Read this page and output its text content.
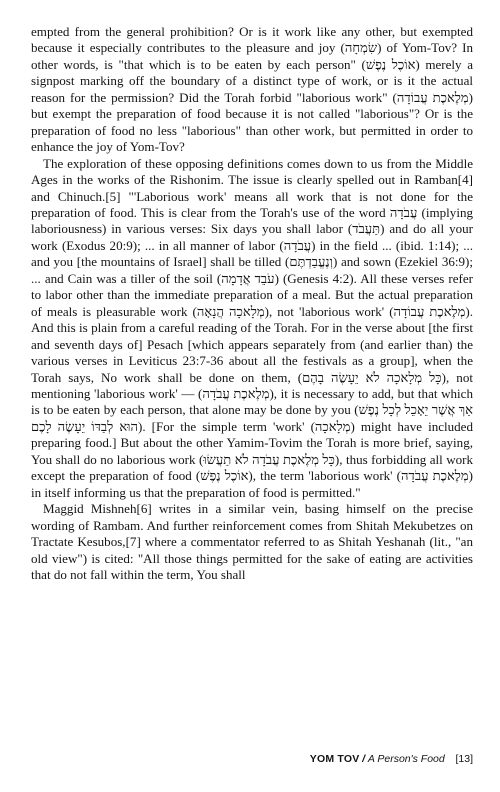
empted from the general prohibition? Or is it work like any other, but exempted because it especially contributes to the pleasure and joy (שִׂמְחָה) of Yom-Tov? In other words, is "that which is to be eaten by each person" (אוֹכֶל נֶפֶשׁ) merely a signpost marking off the boundary of a distinct type of work, or is it the actual reason for the permission? Did the Torah forbid "laborious work" (מְלֶאכֶת עֲבוֹדָה) but exempt the preparation of food because it is not called "laborious"? Or is the preparation of food no less "laborious" than other work, but permitted in order to enhance the joy of Yom-Tov?

The exploration of these opposing definitions comes down to us from the Middle Ages in the works of the Rishonim. The issue is clearly spelled out in Ramban[4] and Chinuch.[5] "'Laborious work' means all work that is not done for the preparation of food. This is clear from the Torah's use of the word עֲבֹדָה (implying laboriousness) in various verses: Six days you shall labor (תַּעֲבֹד) and do all your work (Exodus 20:9); ... in all manner of labor (עֲבֹדָה) in the field ... (ibid. 1:14); ... and you [the mountains of Israel] shall be tilled (וְנֶעֱבַדְתֶּם) and sown (Ezekiel 36:9); ... and Cain was a tiller of the soil (עֹבֵד אֲדָמָה) (Genesis 4:2). All these verses refer to labor other than the immediate preparation of a meal. But the actual preparation of meals is pleasurable work (מְלָאכָה הֲנָאָה), not 'laborious work' (מְלֶאכֶת עֲבוֹדָה). And this is plain from a careful reading of the Torah. For in the verse about [the first and seventh days of] Pesach [which appears separately from (and earlier than) the various verses in Leviticus 23:7-36 about all the festivals as a group], when the Torah says, No work shall be done on them, (כָּל מְלָאכָה לֹא יֵעָשֶׂה בָהֶם), not mentioning 'laborious work' — (מְלֶאכֶת עֲבֹדָה), it is necessary to add, but that which is to be eaten by each person, that alone may be done by you (אַךְ אֲשֶׁר יֵאָכֵל לְכָל נֶפֶשׁ הוּא לְבַדּוֹ יֵעָשֶׂה לָכֶם). [For the simple term 'work' (מְלָאכָה) might have included preparing food.] But about the other Yamim-Tovim the Torah is more brief, saying, You shall do no laborious work (כָּל מְלֶאכֶת עֲבֹדָה לֹא תַעֲשׂוּ), thus forbidding all work except the preparation of food (אוֹכֶל נֶפֶשׁ), the term 'laborious work' (מְלֶאכֶת עֲבֹדָה) in itself informing us that the preparation of food is permitted."

Maggid Mishneh[6] writes in a similar vein, basing himself on the precise wording of Rambam. And further reinforcement comes from Shitah Mekubetzes on Tractate Kesubos,[7] where a commentator referred to as Shitah Yeshanah (lit., "an old view") is cited: "All those things permitted for the sake of eating are activities that do not fall within the term, You shall

YOM TOV / A Person's Food [13]
